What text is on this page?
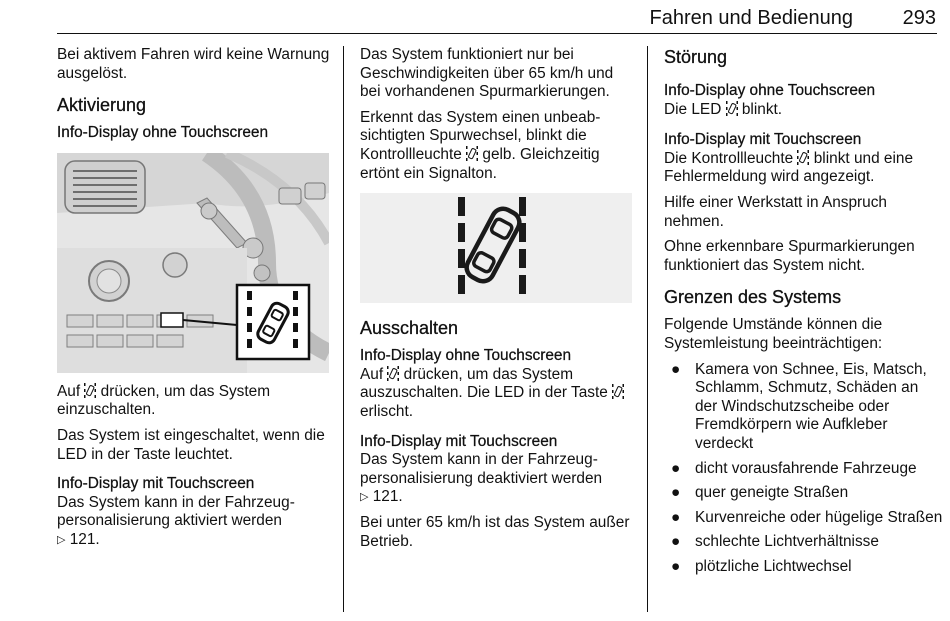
Fahren und Bedienung 293

Bei aktivem Fahren wird keine Warnung ausgelöst.

Aktivierung
Info-Display ohne Touchscreen

Auf drücken, um das System einzuschalten.

Das System ist eingeschaltet, wenn die LED in der Taste leuchtet.

Info-Display mit Touchscreen

Das System kann in der Fahrzeugpersonalisierung aktiviert werden
▷ 121.

Das System funktioniert nur bei Geschwindigkeiten über 65 km/h und bei vorhandenen Spurmarkierungen.

Erkennt das System einen unbeabsichtigten Spurwechsel, blinkt die Kontrollleuchte gelb. Gleichzeitig ertönt ein Signalton.

Ausschalten
Info-Display ohne Touchscreen

Auf drücken, um das System auszuschalten. Die LED in der Taste  erlischt.

Info-Display mit Touchscreen

Das System kann in der Fahrzeugpersonalisierung deaktiviert werden
▷ 121.

Bei unter 65 km/h ist das System außer Betrieb.

Störung
Info-Display ohne Touchscreen

Die LED blinkt.

Info-Display mit Touchscreen

Die Kontrollleuchte blinkt und eine Fehlermeldung wird angezeigt.

Hilfe einer Werkstatt in Anspruch nehmen.

Ohne erkennbare Spurmarkierungen funktioniert das System nicht.

Grenzen des Systems

Folgende Umstände können die Systemleistung beeinträchtigen:

● Kamera von Schnee, Eis, Matsch, Schlamm, Schmutz, Schäden an der Windschutzscheibe oder Fremdkörpern wie Aufkleber verdeckt
● dicht vorausfahrende Fahrzeuge
● quer geneigte Straßen
● Kurvenreiche oder hügelige Straßen
● schlechte Lichtverhältnisse
● plötzliche Lichtwechsel
